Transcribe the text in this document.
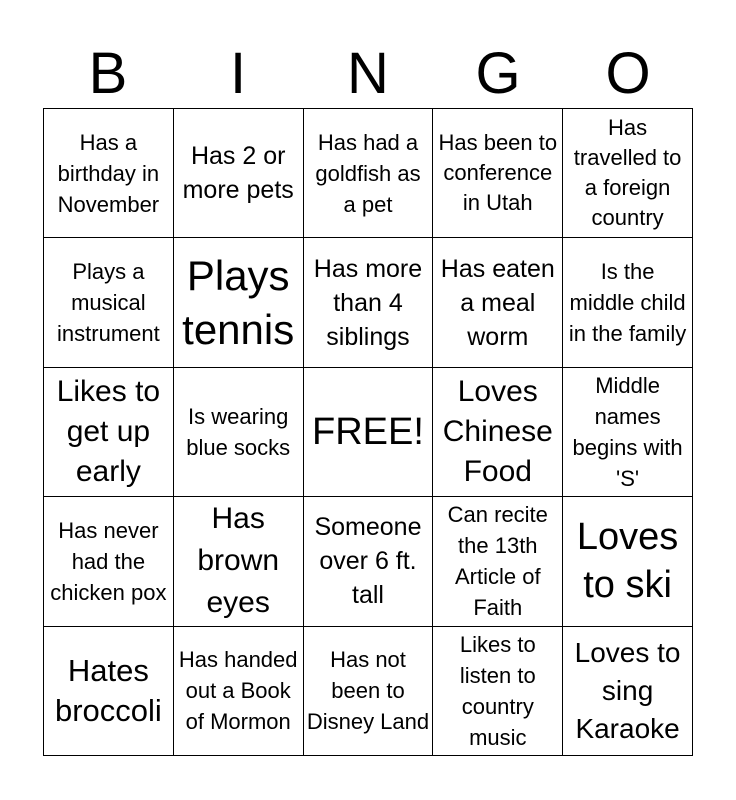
B	I	N	G	O
Has a birthday in November
Has 2 or more pets
Has had a goldfish as a pet
Has been to conference in Utah
Has travelled to a foreign country
Plays a musical instrument
Plays tennis
Has more than 4 siblings
Has eaten a meal worm
Is the middle child in the family
Likes to get up early
Is wearing blue socks FREE!
Loves Chinese Food
Middle names begins with 'S'
Has never had the chicken pox
Has brown eyes
Someone over 6 ft. tall
Can recite the 13th Article of Faith
Loves to ski
Hates broccoli
Has handed out a Book of Mormon
Has not been to Disney Land
Likes to listen to country music
Loves to sing Karaoke
